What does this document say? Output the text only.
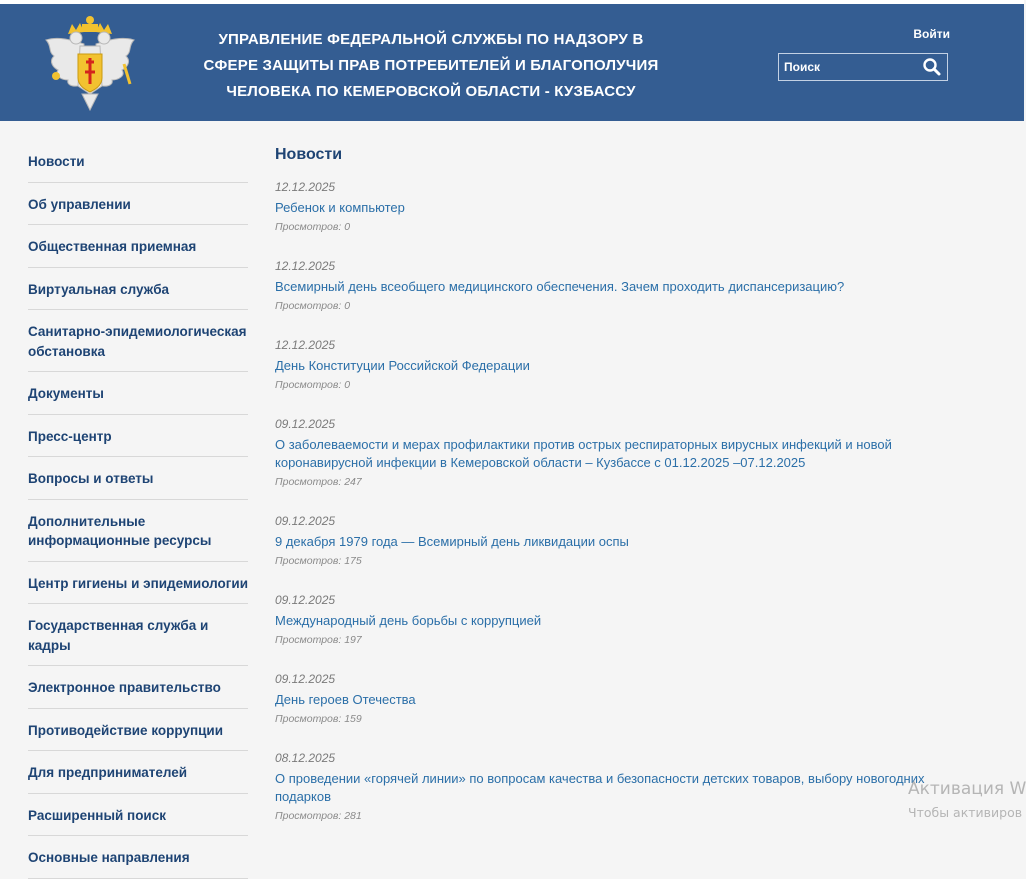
УПРАВЛЕНИЕ ФЕДЕРАЛЬНОЙ СЛУЖБЫ ПО НАДЗОРУ В
СФЕРЕ ЗАЩИТЫ ПРАВ ПОТРЕБИТЕЛЕЙ И БЛАГОПОЛУЧИЯ
ЧЕЛОВЕКА ПО КЕМЕРОВСКОЙ ОБЛАСТИ - КУЗБАССУ
Войти
Поиск
Новости
Об управлении
Общественная приемная
Виртуальная служба
Санитарно-эпидемиологическая обстановка
Документы
Пресс-центр
Вопросы и ответы
Дополнительные информационные ресурсы
Центр гигиены и эпидемиологии
Государственная служба и кадры
Электронное правительство
Противодействие коррупции
Для предпринимателей
Расширенный поиск
Основные направления
Новости
12.12.2025
Ребенок и компьютер
Просмотров: 0
12.12.2025
Всемирный день всеобщего медицинского обеспечения. Зачем проходить диспансеризацию?
Просмотров: 0
12.12.2025
День Конституции Российской Федерации
Просмотров: 0
09.12.2025
О заболеваемости и мерах профилактики против острых респираторных вирусных инфекций и новой коронавирусной инфекции в Кемеровской области – Кузбассе с 01.12.2025 –07.12.2025
Просмотров: 247
09.12.2025
9 декабря 1979 года — Всемирный день ликвидации оспы
Просмотров: 175
09.12.2025
Международный день борьбы с коррупцией
Просмотров: 197
09.12.2025
День героев Отечества
Просмотров: 159
08.12.2025
О проведении «горячей линии» по вопросам качества и безопасности детских товаров, выбору новогодних подарков
Просмотров: 281
Активация W
Чтобы активиров
